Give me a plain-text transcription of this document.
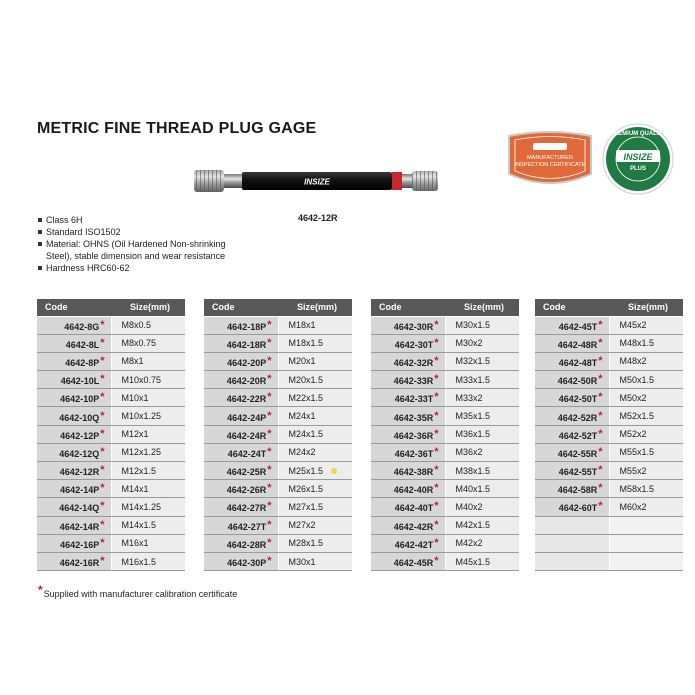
METRIC FINE THREAD PLUG GAGE
INSIZE
4642-12R
MANUFACTURER
INSPECTION CERTIFICATE
PREMIUM QUALITY
INSIZE
PLUS
Class 6H
Standard ISO1502
Material: OHNS (Oil Hardened Non-shrinking
Steel), stable dimension and wear resistance
Hardness HRC60-62
Code	Size(mm)
4642-8G*	M8x0.5
4642-8L*	M8x0.75
4642-8P*	M8x1
4642-10L*	M10x0.75
4642-10P*	M10x1
4642-10Q*	M10x1.25
4642-12P*	M12x1
4642-12Q*	M12x1.25
4642-12R*	M12x1.5
4642-14P*	M14x1
4642-14Q*	M14x1.25
4642-14R*	M14x1.5
4642-16P*	M16x1
4642-16R*	M16x1.5
Code	Size(mm)
4642-18P*	M18x1
4642-18R*	M18x1.5
4642-20P*	M20x1
4642-20R*	M20x1.5
4642-22R*	M22x1.5
4642-24P*	M24x1
4642-24R*	M24x1.5
4642-24T*	M24x2
4642-25R*	M25x1.5
4642-26R*	M26x1.5
4642-27R*	M27x1.5
4642-27T*	M27x2
4642-28R*	M28x1.5
4642-30P*	M30x1
Code	Size(mm)
4642-30R*	M30x1.5
4642-30T*	M30x2
4642-32R*	M32x1.5
4642-33R*	M33x1.5
4642-33T*	M33x2
4642-35R*	M35x1.5
4642-36R*	M36x1.5
4642-36T*	M36x2
4642-38R*	M38x1.5
4642-40R*	M40x1.5
4642-40T*	M40x2
4642-42R*	M42x1.5
4642-42T*	M42x2
4642-45R*	M45x1.5
Code	Size(mm)
4642-45T*	M45x2
4642-48R*	M48x1.5
4642-48T*	M48x2
4642-50R*	M50x1.5
4642-50T*	M50x2
4642-52R*	M52x1.5
4642-52T*	M52x2
4642-55R*	M55x1.5
4642-55T*	M55x2
4642-58R*	M58x1.5
4642-60T*	M60x2

*Supplied with manufacturer calibration certificate
